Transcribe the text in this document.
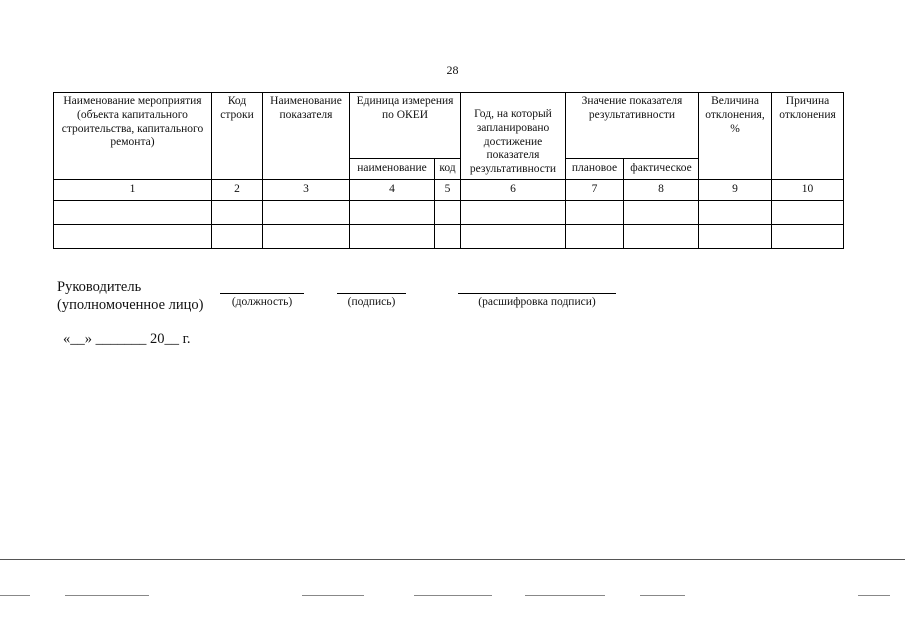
28
Наименование мероприятия (объекта капитального строительства, капитального ремонта)	Код строки	Наименование показателя	Единица измерения по ОКЕИ		Год, на который запланировано достижение показателя результативности	Значение показателя результативности		Величина отклонения, %	Причина отклонения
			наименование	код		плановое	фактическое		
1	2	3	4	5	6	7	8	9	10

Руководитель
(уполномоченное лицо)	(должность)	(подпись)	(расшифровка подписи)
«__» _______ 20__ г.
